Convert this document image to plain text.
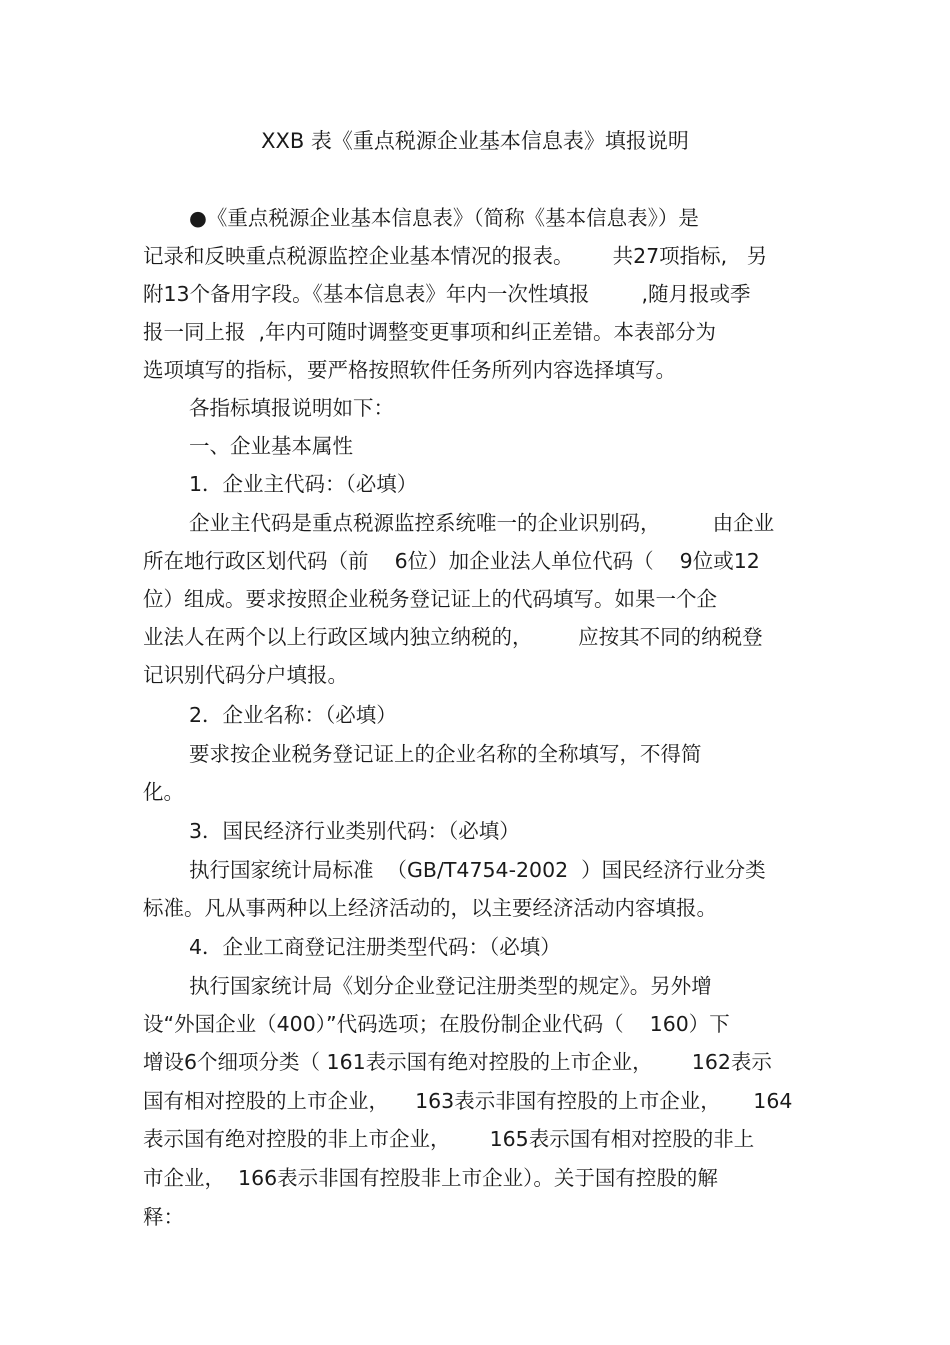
XXB 表《重点税源企业基本信息表》填报说明
●《重点税源企业基本信息表》（简称《基本信息表》）是
记录和反映重点税源监控企业基本情况的报表。      共27项指标,   另
附13个备用字段。《基本信息表》年内一次性填报        ,随月报或季
报一同上报  ,年内可随时调整变更事项和纠正差错。本表部分为
选项填写的指标，要严格按照软件任务所列内容选择填写。
各指标填报说明如下：
一、企业基本属性
1．企业主代码：（必填）
企业主代码是重点税源监控系统唯一的企业识别码，        由企业
所在地行政区划代码（前    6位）加企业法人单位代码（    9位或12
位）组成。要求按照企业税务登记证上的代码填写。如果一个企
业法人在两个以上行政区域内独立纳税的，       应按其不同的纳税登
记识别代码分户填报。
2．企业名称：（必填）
要求按企业税务登记证上的企业名称的全称填写，不得简
化。
3．国民经济行业类别代码：（必填）
执行国家统计局标准  （GB/T4754-2002  ）国民经济行业分类
标准。凡从事两种以上经济活动的，以主要经济活动内容填报。
4．企业工商登记注册类型代码：（必填）
执行国家统计局《划分企业登记注册类型的规定》。另外增
设“外国企业（400）”代码选项；在股份制企业代码（    160）下
增设6个细项分类（ 161表示国有绝对控股的上市企业，      162表示
国有相对控股的上市企业，    163表示非国有控股的上市企业，     164
表示国有绝对控股的非上市企业，      165表示国有相对控股的非上
市企业，  166表示非国有控股非上市企业）。关于国有控股的解
释：
